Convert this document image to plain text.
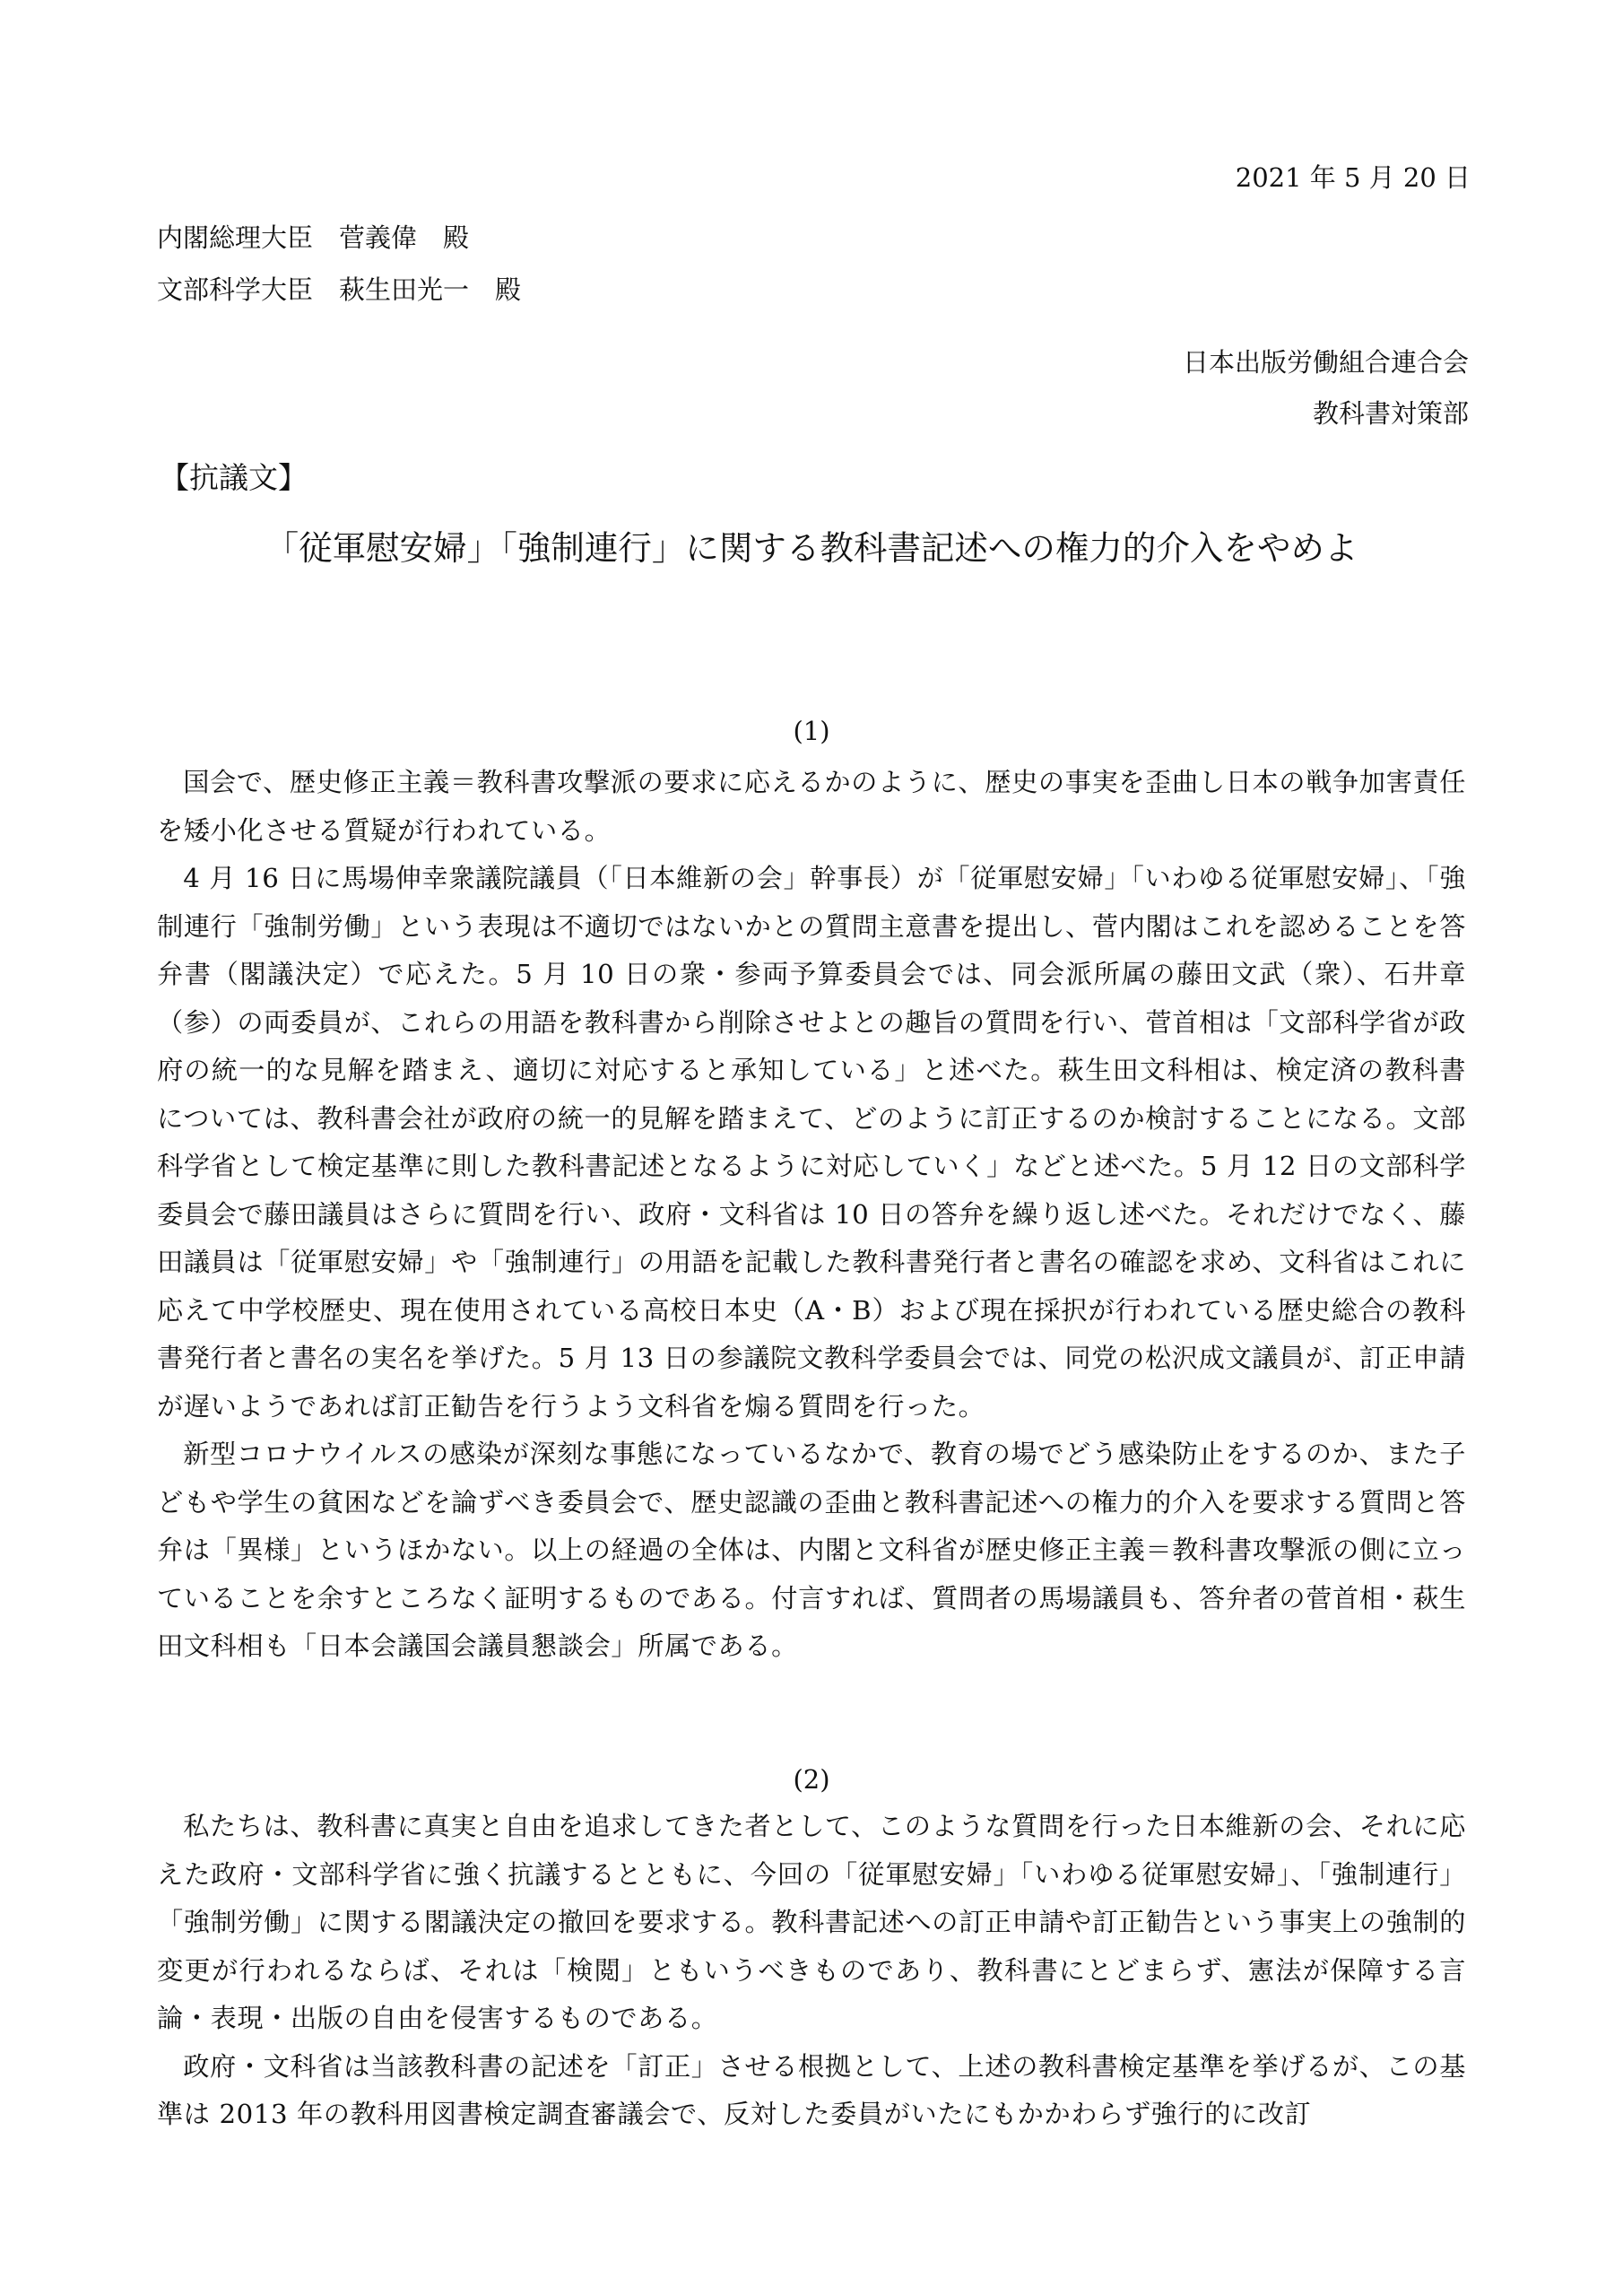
2021 年 5 月 20 日
内閣総理大臣　菅義偉　殿
文部科学大臣　萩生田光一　殿
日本出版労働組合連合会
教科書対策部
【抗議文】
「従軍慰安婦」「強制連行」に関する教科書記述への権力的介入をやめよ
(1)

国会で、歴史修正主義＝教科書攻撃派の要求に応えるかのように、歴史の事実を歪曲し日本の戦争加害責任を矮小化させる質疑が行われている。

4 月 16 日に馬場伸幸衆議院議員（「日本維新の会」幹事長）が「従軍慰安婦」「いわゆる従軍慰安婦」、「強制連行「強制労働」という表現は不適切ではないかとの質問主意書を提出し、菅内閣はこれを認めることを答弁書（閣議決定）で応えた。5 月 10 日の衆・参両予算委員会では、同会派所属の藤田文武（衆）、石井章（参）の両委員が、これらの用語を教科書から削除させよとの趣旨の質問を行い、菅首相は「文部科学省が政府の統一的な見解を踏まえ、適切に対応すると承知している」と述べた。萩生田文科相は、検定済の教科書については、教科書会社が政府の統一的見解を踏まえて、どのように訂正するのか検討することになる。文部科学省として検定基準に則した教科書記述となるように対応していく」などと述べた。5 月 12 日の文部科学委員会で藤田議員はさらに質問を行い、政府・文科省は 10 日の答弁を繰り返し述べた。それだけでなく、藤田議員は「従軍慰安婦」や「強制連行」の用語を記載した教科書発行者と書名の確認を求め、文科省はこれに応えて中学校歴史、現在使用されている高校日本史（A・B）および現在採択が行われている歴史総合の教科書発行者と書名の実名を挙げた。5 月 13 日の参議院文教科学委員会では、同党の松沢成文議員が、訂正申請が遅いようであれば訂正勧告を行うよう文科省を煽る質問を行った。

新型コロナウイルスの感染が深刻な事態になっているなかで、教育の場でどう感染防止をするのか、また子どもや学生の貧困などを論ずべき委員会で、歴史認識の歪曲と教科書記述への権力的介入を要求する質問と答弁は「異様」というほかない。以上の経過の全体は、内閣と文科省が歴史修正主義＝教科書攻撃派の側に立っていることを余すところなく証明するものである。付言すれば、質問者の馬場議員も、答弁者の菅首相・萩生田文科相も「日本会議国会議員懇談会」所属である。

(2)

私たちは、教科書に真実と自由を追求してきた者として、このような質問を行った日本維新の会、それに応えた政府・文部科学省に強く抗議するとともに、今回の「従軍慰安婦」「いわゆる従軍慰安婦」、「強制連行」「強制労働」に関する閣議決定の撤回を要求する。教科書記述への訂正申請や訂正勧告という事実上の強制的変更が行われるならば、それは「検閲」ともいうべきものであり、教科書にとどまらず、憲法が保障する言論・表現・出版の自由を侵害するものである。

政府・文科省は当該教科書の記述を「訂正」させる根拠として、上述の教科書検定基準を挙げるが、この基準は 2013 年の教科用図書検定調査審議会で、反対した委員がいたにもかかわらず強行的に改訂
